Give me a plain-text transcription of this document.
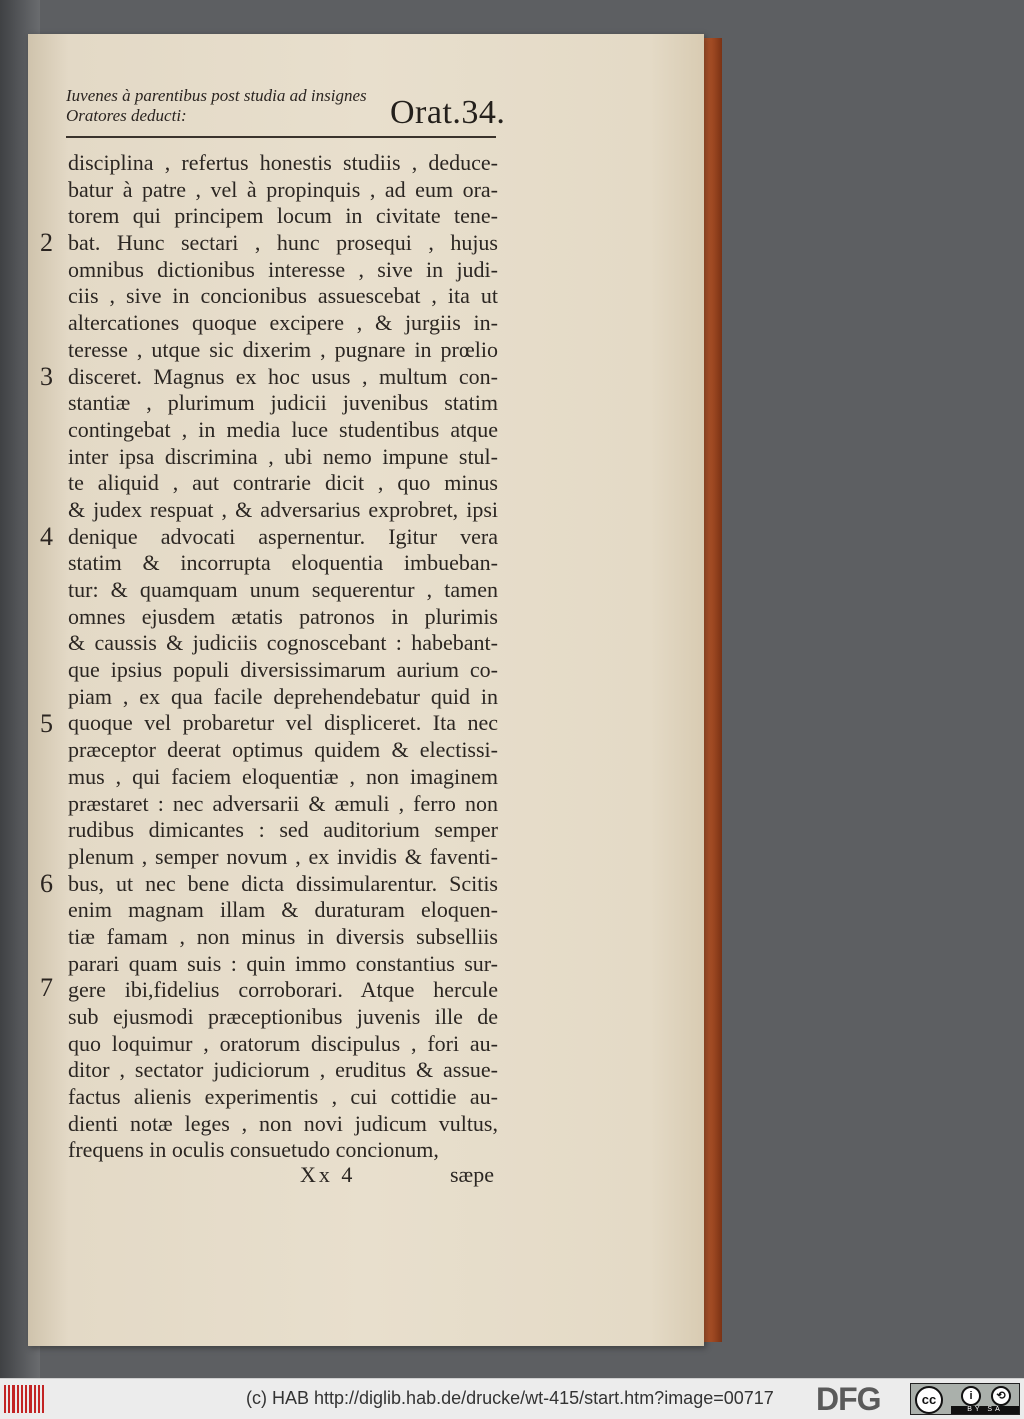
Iuvenes à parentibus post studia ad insignes
Oratores deducti:	Orat.34.
disciplina , refertus honestis studiis , deduce-
batur à patre , vel à propinquis , ad eum ora-
torem qui principem locum in civitate tene-
bat. Hunc sectari , hunc prosequi , hujus
omnibus dictionibus interesse , sive in judi-
ciis , sive in concionibus assuescebat , ita ut
altercationes quoque excipere , & jurgiis in-
teresse , utque sic dixerim , pugnare in prœlio
disceret. Magnus ex hoc usus , multum con-
stantiæ , plurimum judicii juvenibus statim
contingebat , in media luce studentibus atque
inter ipsa discrimina , ubi nemo impune stul-
te aliquid , aut contrarie dicit , quo minus
& judex respuat , & adversarius exprobret, ipsi
denique advocati aspernentur. Igitur vera
statim & incorrupta eloquentia imbueban-
tur: & quamquam unum sequerentur , tamen
omnes ejusdem ætatis patronos in plurimis
& caussis & judiciis cognoscebant : habebant-
que ipsius populi diversissimarum aurium co-
piam , ex qua facile deprehendebatur quid in
quoque vel probaretur vel displiceret. Ita nec
præceptor deerat optimus quidem & electissi-
mus , qui faciem eloquentiæ , non imaginem
præstaret : nec adversarii & æmuli , ferro non
rudibus dimicantes : sed auditorium semper
plenum , semper novum , ex invidis & faventi-
bus, ut nec bene dicta dissimularentur. Scitis
enim magnam illam & duraturam eloquen-
tiæ famam , non minus in diversis subselliis
parari quam suis : quin immo constantius sur-
gere ibi,fidelius corroborari. Atque hercule
sub ejusmodi præceptionibus juvenis ille de
quo loquimur , oratorum discipulus , fori au-
ditor , sectator judiciorum , eruditus & assue-
factus alienis experimentis , cui cottidie au-
dienti notæ leges , non novi judicum vultus,
frequens in oculis consuetudo concionum,
2
3
4
5
6
7
Xx 4	sæpe
(c) HAB http://diglib.hab.de/drucke/wt-415/start.htm?image=00717 DFG	cc	i	⟲
BY SA
